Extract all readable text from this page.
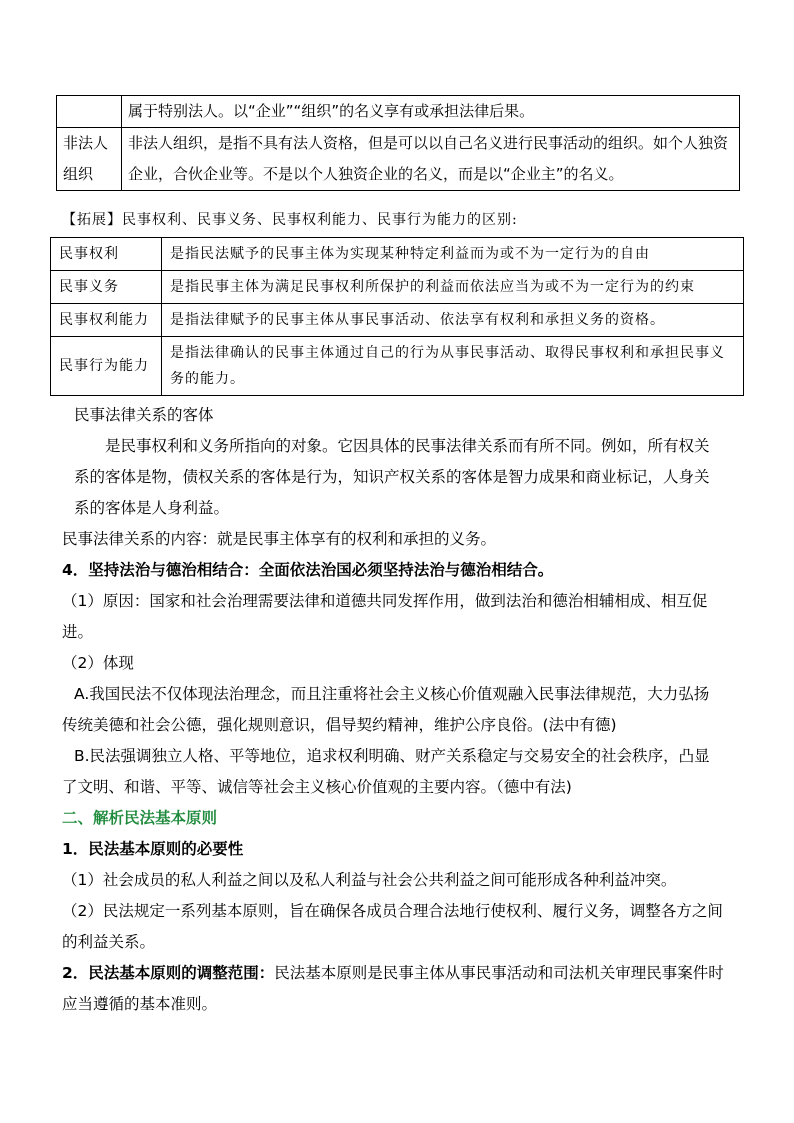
	属于特别法人。以“企业”“组织”的名义享有或承担法律后果。
非法人组织	非法人组织，是指不具有法人资格，但是可以以自己名义进行民事活动的组织。如个人独资企业，合伙企业等。不是以个人独资企业的名义，而是以“企业主”的名义。
【拓展】民事权利、民事义务、民事权利能力、民事行为能力的区别:
民事权利	是指民法赋予的民事主体为实现某种特定利益而为或不为一定行为的自由
民事义务	是指民事主体为满足民事权利所保护的利益而依法应当为或不为一定行为的约束
民事权利能力	是指法律赋予的民事主体从事民事活动、依法享有权利和承担义务的资格。
民事行为能力	是指法律确认的民事主体通过自己的行为从事民事活动、取得民事权利和承担民事义务的能力。

民事法律关系的客体

是民事权利和义务所指向的对象。它因具体的民事法律关系而有所不同。例如，所有权关系的客体是物，债权关系的客体是行为，知识产权关系的客体是智力成果和商业标记，人身关系的客体是人身利益。

民事法律关系的内容：就是民事主体享有的权利和承担的义务。

4．坚持法治与德治相结合：全面依法治国必须坚持法治与德治相结合。

（1）原因：国家和社会治理需要法律和道德共同发挥作用，做到法治和德治相辅相成、相互促进。

（2）体现

A.我国民法不仅体现法治理念，而且注重将社会主义核心价值观融入民事法律规范，大力弘扬传统美德和社会公德，强化规则意识，倡导契约精神，维护公序良俗。(法中有德)

B.民法强调独立人格、平等地位，追求权利明确、财产关系稳定与交易安全的社会秩序，凸显了文明、和谐、平等、诚信等社会主义核心价值观的主要内容。（德中有法)

二、解析民法基本原则

1．民法基本原则的必要性

（1）社会成员的私人利益之间以及私人利益与社会公共利益之间可能形成各种利益冲突。

（2）民法规定一系列基本原则，旨在确保各成员合理合法地行使权利、履行义务，调整各方之间的利益关系。

2．民法基本原则的调整范围：民法基本原则是民事主体从事民事活动和司法机关审理民事案件时应当遵循的基本准则。
